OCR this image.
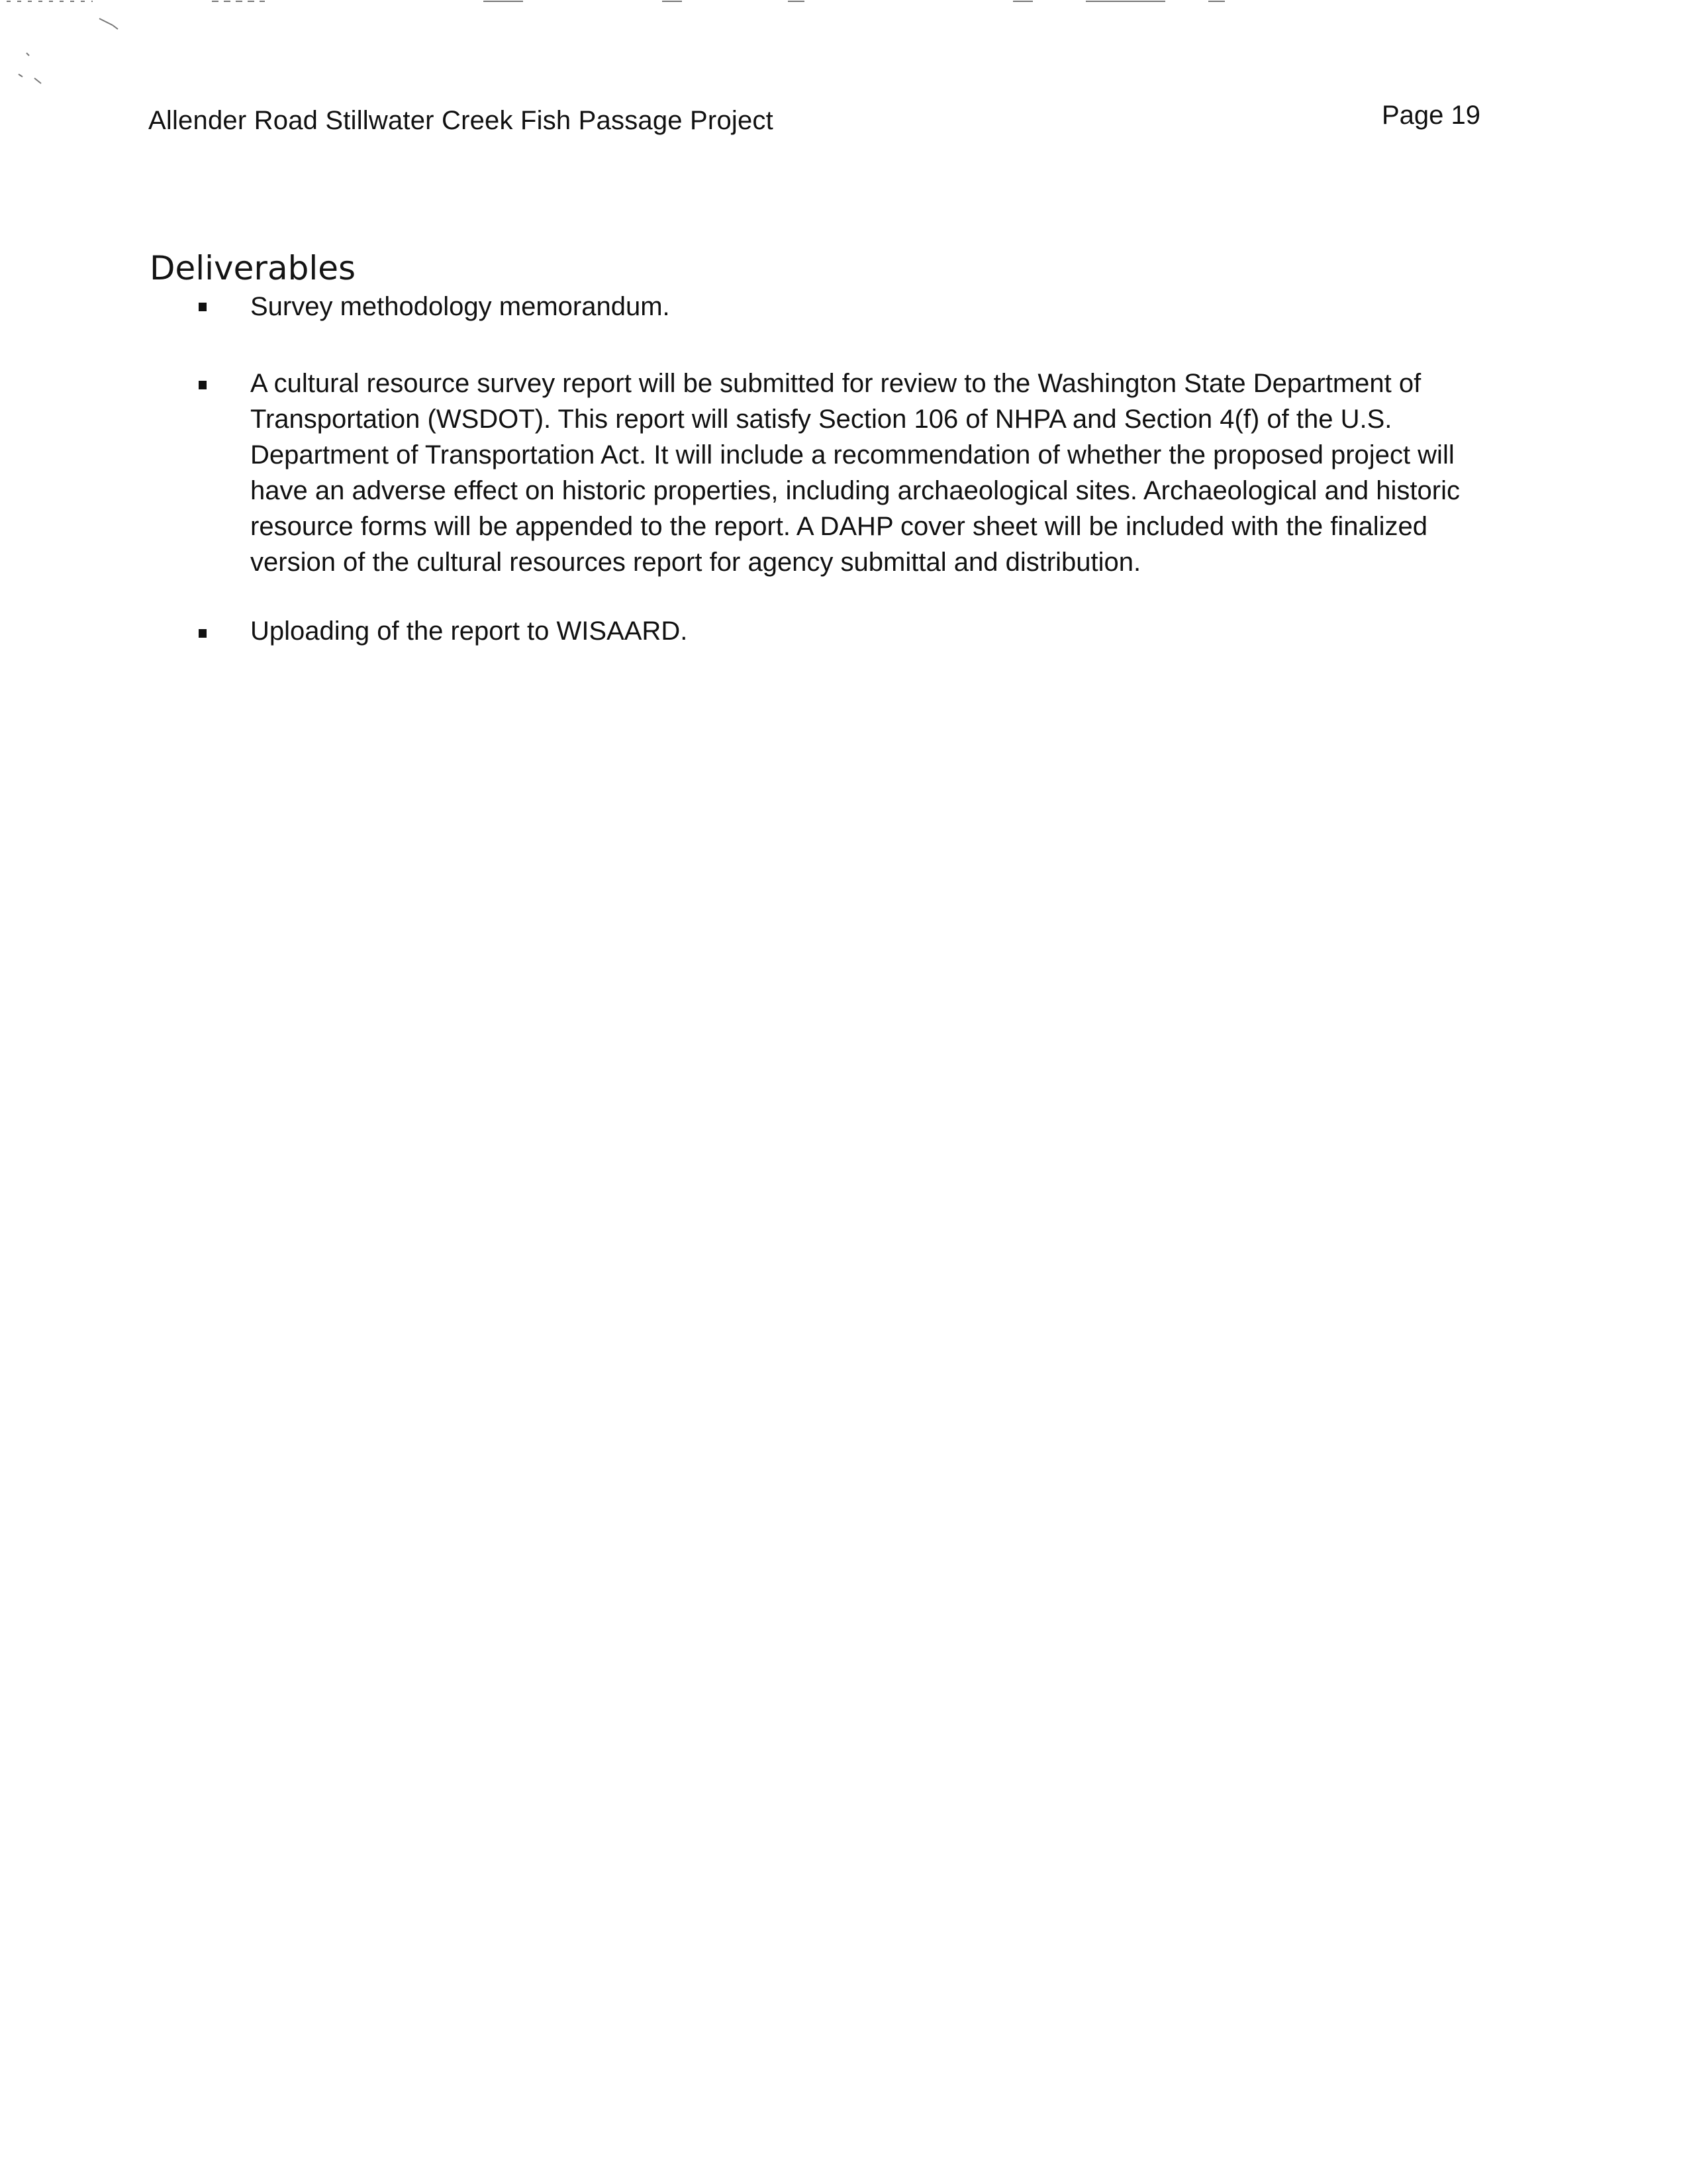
Allender Road Stillwater Creek Fish Passage Project	Page 19
Deliverables

Survey methodology memorandum.

A cultural resource survey report will be submitted for review to the Washington State Department of
Transportation (WSDOT). This report will satisfy Section 106 of NHPA and Section 4(f) of the U.S.
Department of Transportation Act. It will include a recommendation of whether the proposed project will
have an adverse effect on historic properties, including archaeological sites. Archaeological and historic
resource forms will be appended to the report. A DAHP cover sheet will be included with the finalized
version of the cultural resources report for agency submittal and distribution.

Uploading of the report to WISAARD.
